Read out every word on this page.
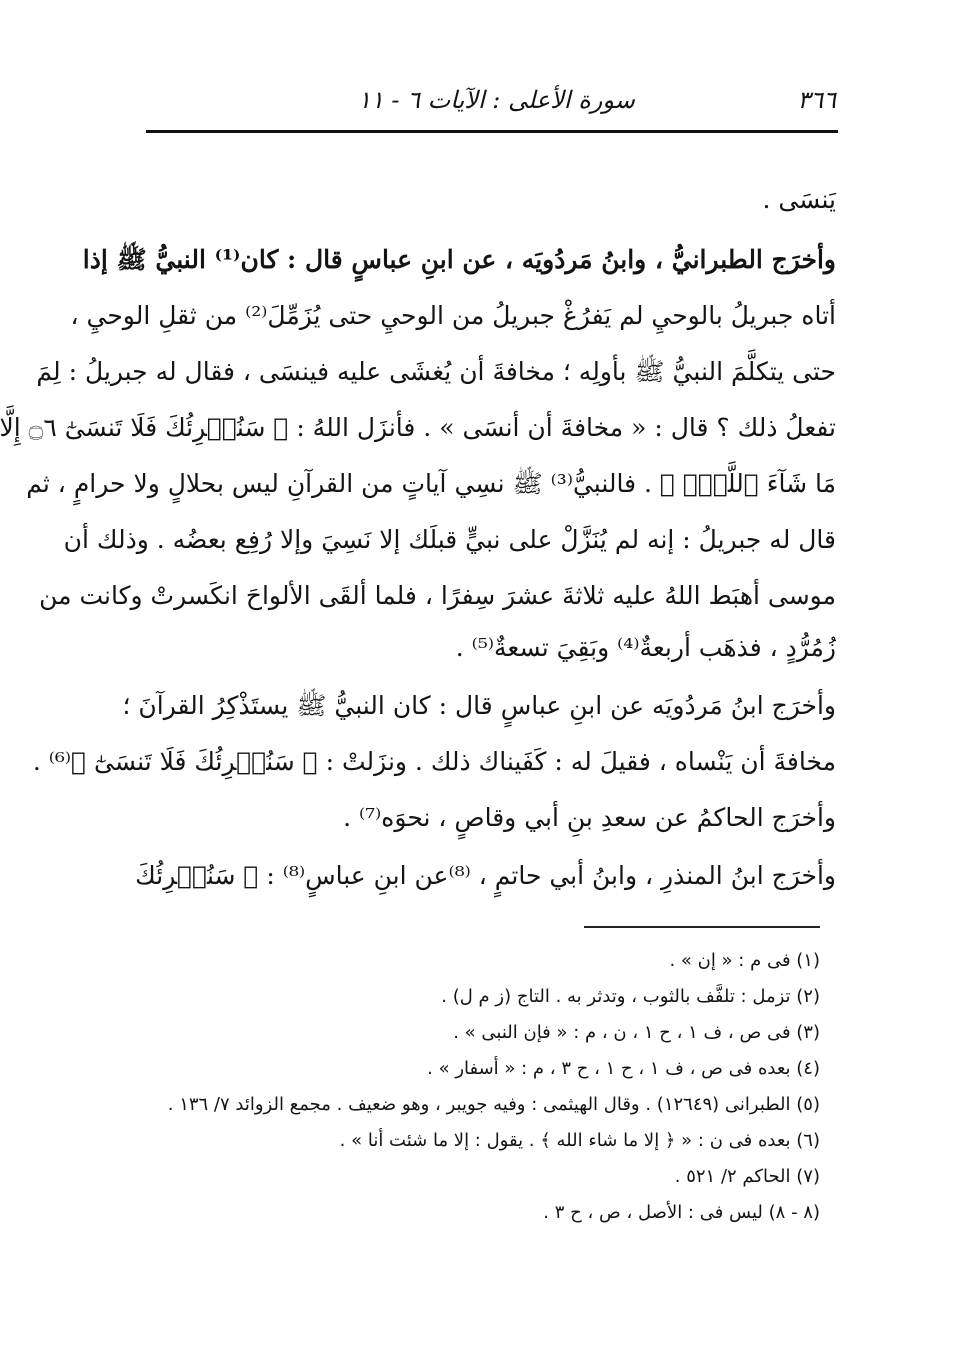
٣٦٦
سورة الأعلى : الآيات ٦ - ١١
يَنسَى .
وأخرَج الطبرانيُّ ، وابنُ مَردُويَه ، عن ابنِ عباسٍ قال : كان⁽¹⁾ النبيُّ ﷺ إذا
أتاه جبريلُ بالوحيِ لم يَفرُغْ جبريلُ من الوحيِ حتى يُزَمِّلَ⁽²⁾ من ثقلِ الوحيِ ،
حتى يتكلَّمَ النبيُّ ﷺ بأولِه ؛ مخافةَ أن يُغشَى عليه فينسَى ، فقال له جبريلُ : لِمَ
تفعلُ ذلك ؟ قال : « مخافةَ أن أنسَى » . فأنزَل اللهُ : ﴿ سَنُقۡرِئُكَ فَلَا تَنسَىٰٓ ۝٦ إِلَّا
مَا شَآءَ ٱللَّهُۚ ﴾ . فالنبيُّ⁽³⁾ ﷺ نسِي آياتٍ من القرآنِ ليس بحلالٍ ولا حرامٍ ، ثم
قال له جبريلُ : إنه لم يُنَزَّلْ على نبيٍّ قبلَك إلا نَسِيَ وإلا رُفِع بعضُه . وذلك أن
موسى أهبَط اللهُ عليه ثلاثةَ عشرَ سِفرًا ، فلما ألقَى الألواحَ انكَسرتْ وكانت من
زُمُرُّدٍ ، فذهَب أربعةٌ⁽⁴⁾ وبَقِيَ تسعةٌ⁽⁵⁾ .
وأخرَج ابنُ مَردُويَه عن ابنِ عباسٍ قال : كان النبيُّ ﷺ يستَذْكِرُ القرآنَ ؛
مخافةَ أن يَنْساه ، فقيلَ له : كَفَيناك ذلك . ونزَلتْ : ﴿ سَنُقۡرِئُكَ فَلَا تَنسَىٰٓ ﴾⁽⁶⁾ .
وأخرَج الحاكمُ عن سعدِ بنِ أبي وقاصٍ ، نحوَه⁽⁷⁾ .
وأخرَج ابنُ المنذرِ ، وابنُ أبي حاتمٍ ، ⁽⁸⁾عن ابنِ عباسٍ⁽⁸⁾ : ﴿ سَنُقۡرِئُكَ
(١) فى م : « إن » .
(٢) تزمل : تلفَّف بالثوب ، وتدثر به . التاج (ز م ل) .
(٣) فى ص ، ف ١ ، ح ١ ، ن ، م : « فإن النبى » .
(٤) بعده فى ص ، ف ١ ، ح ١ ، ح ٣ ، م : « أسفار » .
(٥) الطبرانى (١٢٦٤٩) . وقال الهيثمى : وفيه جويبر ، وهو ضعيف . مجمع الزوائد ٧/ ١٣٦ .
(٦) بعده فى ن : « ﴿ إلا ما شاء الله ﴾ . يقول : إلا ما شئت أنا » .
(٧) الحاكم ٢/ ٥٢١ .
(٨ - ٨) ليس فى : الأصل ، ص ، ح ٣ .
